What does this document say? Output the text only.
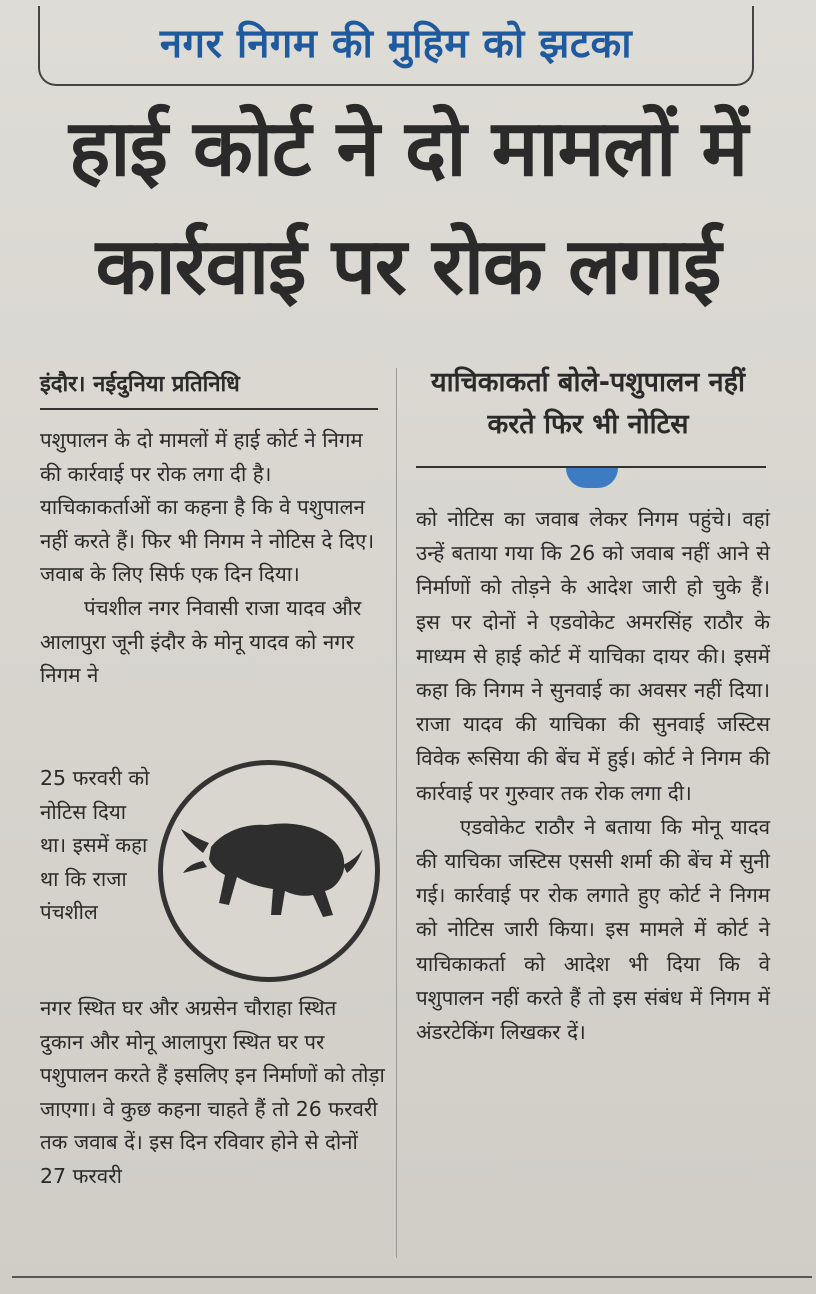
नगर निगम की मुहिम को झटका
हाई कोर्ट ने दो मामलों में
कार्रवाई पर रोक लगाई
इंदौर। नईदुनिया प्रतिनिधि

पशुपालन के दो मामलों में हाई कोर्ट ने निगम की कार्रवाई पर रोक लगा दी है। याचिकाकर्ताओं का कहना है कि वे पशुपालन नहीं करते हैं। फिर भी निगम ने नोटिस दे दिए। जवाब के लिए सिर्फ एक दिन दिया।

पंचशील नगर निवासी राजा यादव और आलापुरा जूनी इंदौर के मोनू यादव को नगर निगम ने

25 फरवरी को नोटिस दिया था। इसमें कहा था कि राजा पंचशील
नगर स्थित घर और अग्रसेन चौराहा स्थित दुकान और मोनू आलापुरा स्थित घर पर पशुपालन करते हैं इसलिए इन निर्माणों को तोड़ा जाएगा। वे कुछ कहना चाहते हैं तो 26 फरवरी तक जवाब दें। इस दिन रविवार होने से दोनों 27 फरवरी
याचिकाकर्ता बोले-पशुपालन नहीं करते फिर भी नोटिस

को नोटिस का जवाब लेकर निगम पहुंचे। वहां उन्हें बताया गया कि 26 को जवाब नहीं आने से निर्माणों को तोड़ने के आदेश जारी हो चुके हैं। इस पर दोनों ने एडवोकेट अमरसिंह राठौर के माध्यम से हाई कोर्ट में याचिका दायर की। इसमें कहा कि निगम ने सुनवाई का अवसर नहीं दिया। राजा यादव की याचिका की सुनवाई जस्टिस विवेक रूसिया की बेंच में हुई। कोर्ट ने निगम की कार्रवाई पर गुरुवार तक रोक लगा दी।

एडवोकेट राठौर ने बताया कि मोनू यादव की याचिका जस्टिस एससी शर्मा की बेंच में सुनी गई। कार्रवाई पर रोक लगाते हुए कोर्ट ने निगम को नोटिस जारी किया। इस मामले में कोर्ट ने याचिकाकर्ता को आदेश भी दिया कि वे पशुपालन नहीं करते हैं तो इस संबंध में निगम में अंडरटेकिंग लिखकर दें।
